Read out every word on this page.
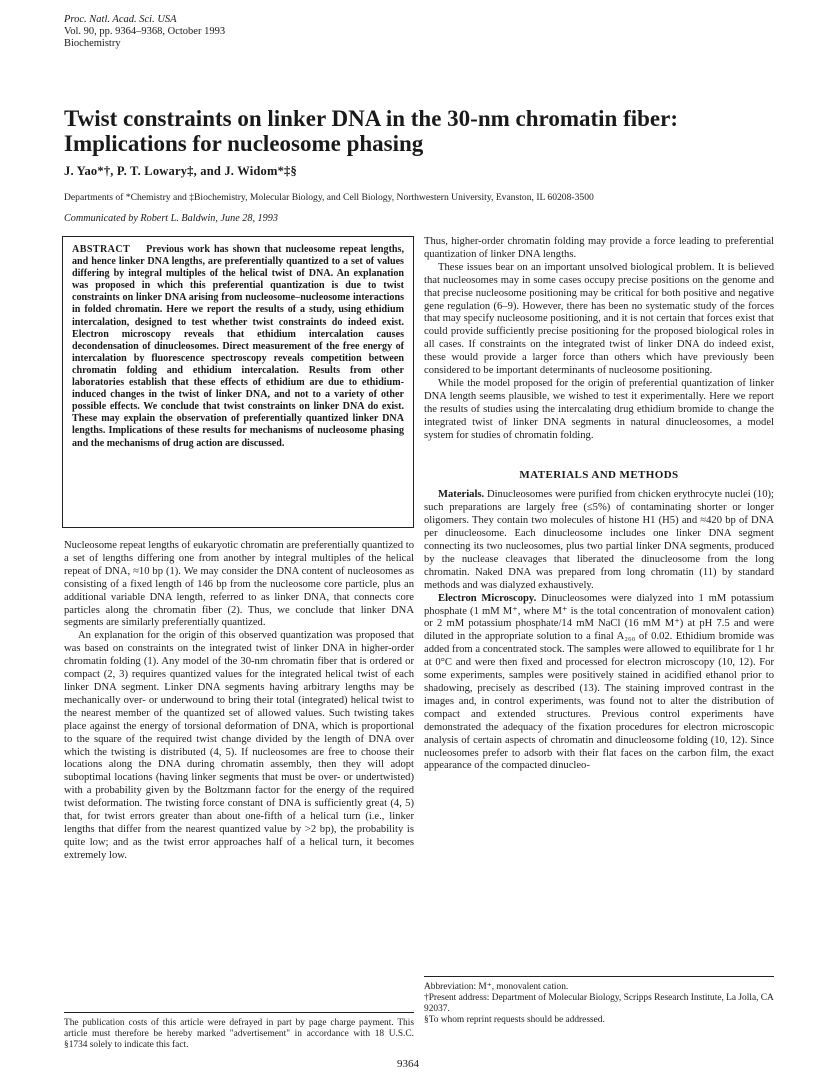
Proc. Natl. Acad. Sci. USA
Vol. 90, pp. 9364–9368, October 1993
Biochemistry
Twist constraints on linker DNA in the 30-nm chromatin fiber: Implications for nucleosome phasing
J. Yao*†, P. T. Lowary‡, and J. Widom*‡§
Departments of *Chemistry and ‡Biochemistry, Molecular Biology, and Cell Biology, Northwestern University, Evanston, IL 60208-3500
Communicated by Robert L. Baldwin, June 28, 1993

ABSTRACT Previous work has shown that nucleosome repeat lengths, and hence linker DNA lengths, are preferentially quantized to a set of values differing by integral multiples of the helical twist of DNA. An explanation was proposed in which this preferential quantization is due to twist constraints on linker DNA arising from nucleosome–nucleosome interactions in folded chromatin. Here we report the results of a study, using ethidium intercalation, designed to test whether twist constraints do indeed exist. Electron microscopy reveals that ethidium intercalation causes decondensation of dinucleosomes. Direct measurement of the free energy of intercalation by fluorescence spectroscopy reveals competition between chromatin folding and ethidium intercalation. Results from other laboratories establish that these effects of ethidium are due to ethidium-induced changes in the twist of linker DNA, and not to a variety of other possible effects. We conclude that twist constraints on linker DNA do exist. These may explain the observation of preferentially quantized linker DNA lengths. Implications of these results for mechanisms of nucleosome phasing and the mechanisms of drug action are discussed.

Nucleosome repeat lengths of eukaryotic chromatin are preferentially quantized to a set of lengths differing one from another by integral multiples of the helical repeat of DNA, ≈10 bp (1). We may consider the DNA content of nucleosomes as consisting of a fixed length of 146 bp from the nucleosome core particle, plus an additional variable DNA length, referred to as linker DNA, that connects core particles along the chromatin fiber (2). Thus, we conclude that linker DNA segments are similarly preferentially quantized.

An explanation for the origin of this observed quantization was proposed that was based on constraints on the integrated twist of linker DNA in higher-order chromatin folding (1). Any model of the 30-nm chromatin fiber that is ordered or compact (2, 3) requires quantized values for the integrated helical twist of each linker DNA segment. Linker DNA segments having arbitrary lengths may be mechanically over- or underwound to bring their total (integrated) helical twist to the nearest member of the quantized set of allowed values. Such twisting takes place against the energy of torsional deformation of DNA, which is proportional to the square of the required twist change divided by the length of DNA over which the twisting is distributed (4, 5). If nucleosomes are free to choose their locations along the DNA during chromatin assembly, then they will adopt suboptimal locations (having linker segments that must be over- or undertwisted) with a probability given by the Boltzmann factor for the energy of the required twist deformation. The twisting force constant of DNA is sufficiently great (4, 5) that, for twist errors greater than about one-fifth of a helical turn (i.e., linker lengths that differ from the nearest quantized value by >2 bp), the probability is quite low; and as the twist error approaches half of a helical turn, it becomes extremely low.

Thus, higher-order chromatin folding may provide a force leading to preferential quantization of linker DNA lengths.

These issues bear on an important unsolved biological problem. It is believed that nucleosomes may in some cases occupy precise positions on the genome and that precise nucleosome positioning may be critical for both positive and negative gene regulation (6–9). However, there has been no systematic study of the forces that may specify nucleosome positioning, and it is not certain that forces exist that could provide sufficiently precise positioning for the proposed biological roles in all cases. If constraints on the integrated twist of linker DNA do indeed exist, these would provide a larger force than others which have previously been considered to be important determinants of nucleosome positioning.

While the model proposed for the origin of preferential quantization of linker DNA length seems plausible, we wished to test it experimentally. Here we report the results of studies using the intercalating drug ethidium bromide to change the integrated twist of linker DNA segments in natural dinucleosomes, a model system for studies of chromatin folding.

MATERIALS AND METHODS

Materials. Dinucleosomes were purified from chicken erythrocyte nuclei (10); such preparations are largely free (≤5%) of contaminating shorter or longer oligomers. They contain two molecules of histone H1 (H5) and ≈420 bp of DNA per dinucleosome. Each dinucleosome includes one linker DNA segment connecting its two nucleosomes, plus two partial linker DNA segments, produced by the nuclease cleavages that liberated the dinucleosome from the long chromatin. Naked DNA was prepared from long chromatin (11) by standard methods and was dialyzed exhaustively.

Electron Microscopy. Dinucleosomes were dialyzed into 1 mM potassium phosphate (1 mM M⁺, where M⁺ is the total concentration of monovalent cation) or 2 mM potassium phosphate/14 mM NaCl (16 mM M⁺) at pH 7.5 and were diluted in the appropriate solution to a final A₂₆₀ of 0.02. Ethidium bromide was added from a concentrated stock. The samples were allowed to equilibrate for 1 hr at 0°C and were then fixed and processed for electron microscopy (10, 12). For some experiments, samples were positively stained in acidified ethanol prior to shadowing, precisely as described (13). The staining improved contrast in the images and, in control experiments, was found not to alter the distribution of compact and extended structures. Previous control experiments have demonstrated the adequacy of the fixation procedures for electron microscopic analysis of certain aspects of chromatin and dinucleosome folding (10, 12). Since nucleosomes prefer to adsorb with their flat faces on the carbon film, the exact appearance of the compacted dinucleo-

The publication costs of this article were defrayed in part by page charge payment. This article must therefore be hereby marked "advertisement" in accordance with 18 U.S.C. §1734 solely to indicate this fact.

Abbreviation: M⁺, monovalent cation.

†Present address: Department of Molecular Biology, Scripps Research Institute, La Jolla, CA 92037.

§To whom reprint requests should be addressed.

9364
